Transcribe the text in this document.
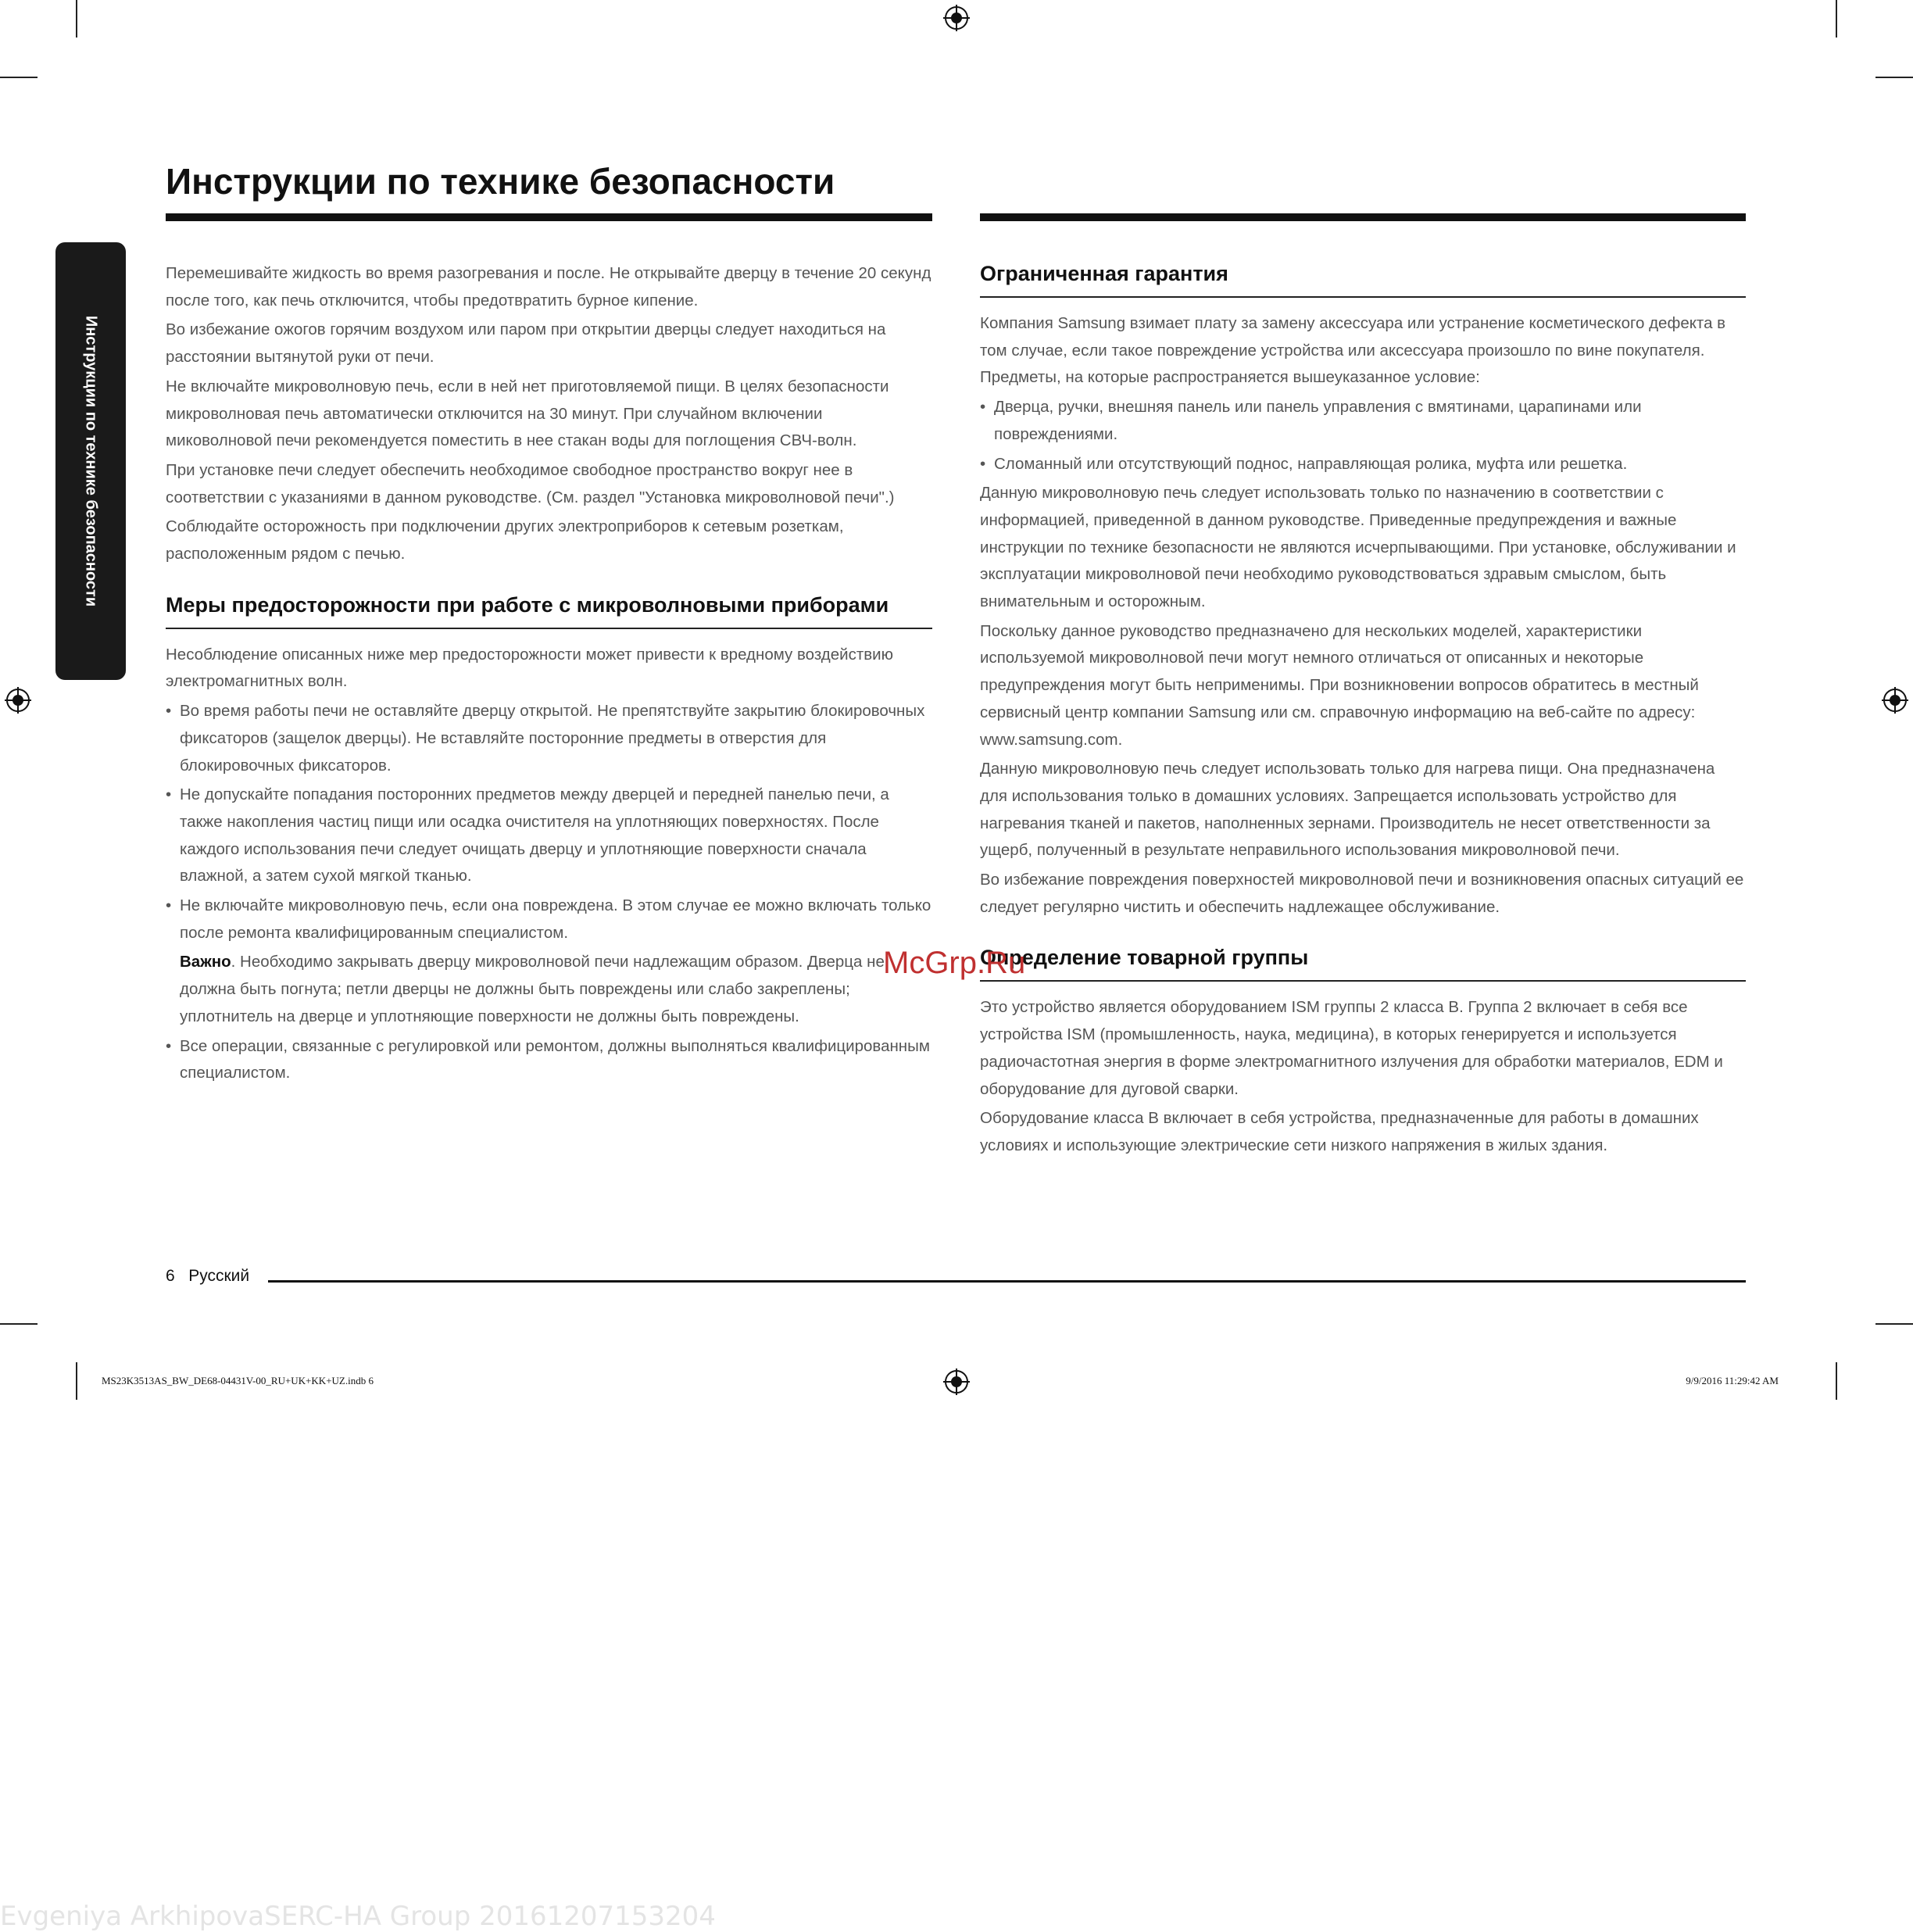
Инструкции по технике безопасности
Инструкции по технике безопасности

Перемешивайте жидкость во время разогревания и после. Не открывайте дверцу в течение 20 секунд после того, как печь отключится, чтобы предотвратить бурное кипение.

Во избежание ожогов горячим воздухом или паром при открытии дверцы следует находиться на расстоянии вытянутой руки от печи.

Не включайте микроволновую печь, если в ней нет приготовляемой пищи. В целях безопасности микроволновая печь автоматически отключится на 30 минут. При случайном включении миковолновой печи рекомендуется поместить в нее стакан воды для поглощения СВЧ-волн.

При установке печи следует обеспечить необходимое свободное пространство вокруг нее в соответствии с указаниями в данном руководстве. (См. раздел "Установка микроволновой печи".)

Соблюдайте осторожность при подключении других электроприборов к сетевым розеткам, расположенным рядом с печью.

Меры предосторожности при работе с микроволновыми приборами

Несоблюдение описанных ниже мер предосторожности может привести к вредному воздействию электромагнитных волн.

• Во время работы печи не оставляйте дверцу открытой. Не препятствуйте закрытию блокировочных фиксаторов (защелок дверцы). Не вставляйте посторонние предметы в отверстия для блокировочных фиксаторов.
• Не допускайте попадания посторонних предметов между дверцей и передней панелью печи, а также накопления частиц пищи или осадка очистителя на уплотняющих поверхностях. После каждого использования печи следует очищать дверцу и уплотняющие поверхности сначала влажной, а затем сухой мягкой тканью.
• Не включайте микроволновую печь, если она повреждена. В этом случае ее можно включать только после ремонта квалифицированным специалистом.
Важно. Необходимо закрывать дверцу микроволновой печи надлежащим образом. Дверца не должна быть погнута; петли дверцы не должны быть повреждены или слабо закреплены; уплотнитель на дверце и уплотняющие поверхности не должны быть повреждены.
• Все операции, связанные с регулировкой или ремонтом, должны выполняться квалифицированным специалистом.
Ограниченная гарантия

Компания Samsung взимает плату за замену аксессуара или устранение косметического дефекта в том случае, если такое повреждение устройства или аксессуара произошло по вине покупателя. Предметы, на которые распространяется вышеуказанное условие:

• Дверца, ручки, внешняя панель или панель управления с вмятинами, царапинами или повреждениями.
• Сломанный или отсутствующий поднос, направляющая ролика, муфта или решетка.

Данную микроволновую печь следует использовать только по назначению в соответствии с информацией, приведенной в данном руководстве. Приведенные предупреждения и важные инструкции по технике безопасности не являются исчерпывающими. При установке, обслуживании и эксплуатации микроволновой печи необходимо руководствоваться здравым смыслом, быть внимательным и осторожным.

Поскольку данное руководство предназначено для нескольких моделей, характеристики используемой микроволновой печи могут немного отличаться от описанных и некоторые предупреждения могут быть неприменимы. При возникновении вопросов обратитесь в местный сервисный центр компании Samsung или см. справочную информацию на веб-сайте по адресу: www.samsung.com.

Данную микроволновую печь следует использовать только для нагрева пищи. Она предназначена для использования только в домашних условиях. Запрещается использовать устройство для нагревания тканей и пакетов, наполненных зернами. Производитель не несет ответственности за ущерб, полученный в результате неправильного использования микроволновой печи.

Во избежание повреждения поверхностей микроволновой печи и возникновения опасных ситуаций ее следует регулярно чистить и обеспечить надлежащее обслуживание.

Определение товарной группы

Это устройство является оборудованием ISM группы 2 класса B. Группа 2 включает в себя все устройства ISM (промышленность, наука, медицина), в которых генерируется и используется радиочастотная энергия в форме электромагнитного излучения для обработки материалов, EDM и оборудование для дуговой сварки.

Оборудование класса B включает в себя устройства, предназначенные для работы в домашних условиях и использующие электрические сети низкого напряжения в жилых здания.

McGrp.Ru
6 Русский
MS23K3513AS_BW_DE68-04431V-00_RU+UK+KK+UZ.indb 6	9/9/2016 11:29:42 AM
Evgeniya ArkhipovaSERC-HA Group 20161207153204
